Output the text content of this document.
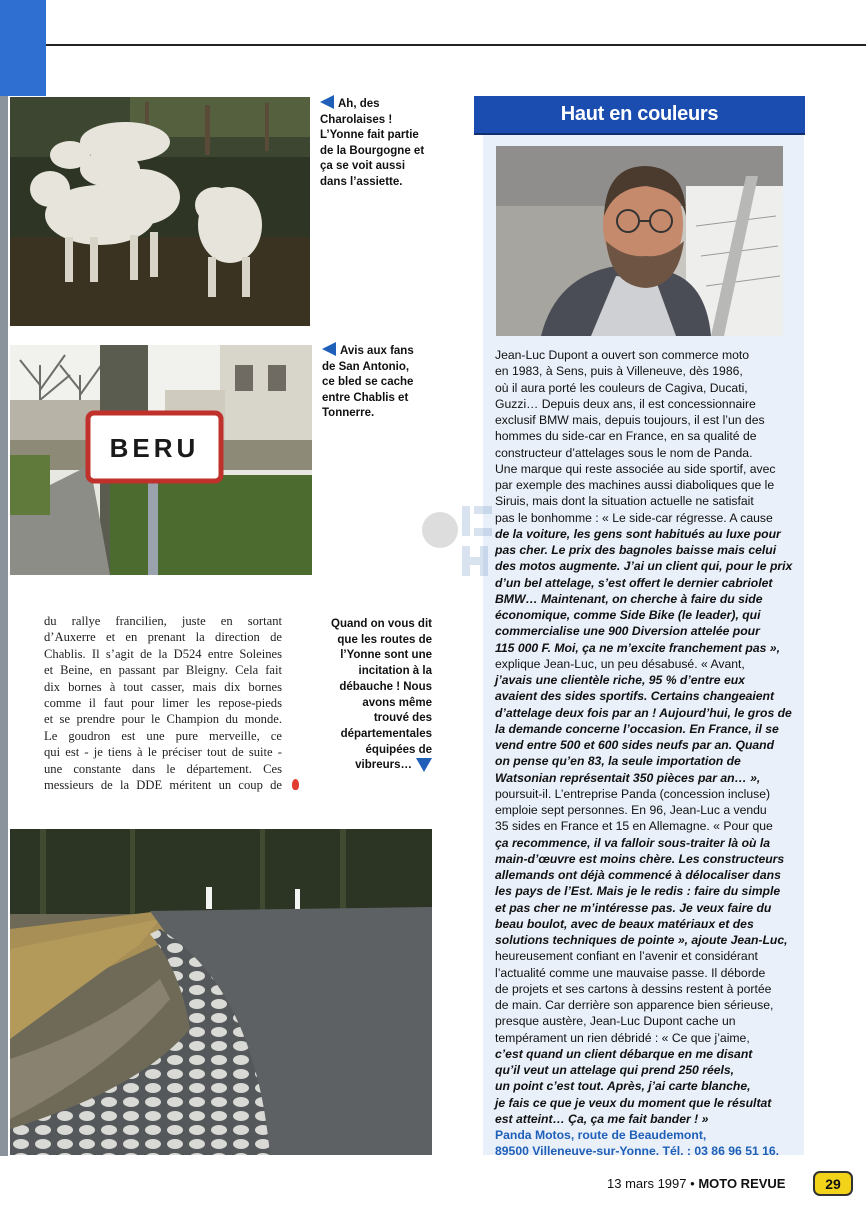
BERU
Ah, des Charolaises ! L’Yonne fait partie de la Bourgogne et ça se voit aussi dans l’assiette.
Avis aux fans de San Antonio, ce bled se cache entre Chablis et Tonnerre.
Quand on vous dit que les routes de l’Yonne sont une incitation à la débauche ! Nous avons même trouvé des départementales équipées de vibreurs…
du rallye francilien, juste en sortant
d’Auxerre et en prenant la direction de
Chablis. Il s’agit de la D524 entre Soleines
et Beine, en passant par Bleigny. Cela fait
dix bornes à tout casser, mais dix bornes
comme il faut pour limer les repose-pieds
et se prendre pour le Champion du monde.
Le goudron est une pure merveille, ce
qui est - je tiens à le préciser tout de suite -
une constante dans le département. Ces
messieurs de la DDE méritent un coup de
Haut en couleurs
Jean-Luc Dupont a ouvert son commerce moto
en 1983, à Sens, puis à Villeneuve, dès 1986,
où il aura porté les couleurs de Cagiva, Ducati,
Guzzi… Depuis deux ans, il est concessionnaire
exclusif BMW mais, depuis toujours, il est l’un des
hommes du side-car en France, en sa qualité de
constructeur d’attelages sous le nom de Panda.
Une marque qui reste associée au side sportif, avec
par exemple des machines aussi diaboliques que le
Siruis, mais dont la situation actuelle ne satisfait
pas le bonhomme : « Le side-car régresse. A cause
de la voiture, les gens sont habitués au luxe pour
pas cher. Le prix des bagnoles baisse mais celui
des motos augmente. J’ai un client qui, pour le prix
d’un bel attelage, s’est offert le dernier cabriolet
BMW… Maintenant, on cherche à faire du side
économique, comme Side Bike (le leader), qui
commercialise une 900 Diversion attelée pour
115 000 F. Moi, ça ne m’excite franchement pas »,
explique Jean-Luc, un peu désabusé. « Avant,
j’avais une clientèle riche, 95 % d’entre eux
avaient des sides sportifs. Certains changeaient
d’attelage deux fois par an ! Aujourd’hui, le gros de
la demande concerne l’occasion. En France, il se
vend entre 500 et 600 sides neufs par an. Quand
on pense qu’en 83, la seule importation de
Watsonian représentait 350 pièces par an… »,
poursuit-il. L’entreprise Panda (concession incluse)
emploie sept personnes. En 96, Jean-Luc a vendu
35 sides en France et 15 en Allemagne. « Pour que
ça recommence, il va falloir sous-traiter là où la
main-d’œuvre est moins chère. Les constructeurs
allemands ont déjà commencé à délocaliser dans
les pays de l’Est. Mais je le redis : faire du simple
et pas cher ne m’intéresse pas. Je veux faire du
beau boulot, avec de beaux matériaux et des
solutions techniques de pointe », ajoute Jean-Luc,
heureusement confiant en l’avenir et considérant
l’actualité comme une mauvaise passe. Il déborde
de projets et ses cartons à dessins restent à portée
de main. Car derrière son apparence bien sérieuse,
presque austère, Jean-Luc Dupont cache un
tempérament un rien débridé : « Ce que j’aime,
c’est quand un client débarque en me disant
qu’il veut un attelage qui prend 250 réels,
un point c’est tout. Après, j’ai carte blanche,
je fais ce que je veux du moment que le résultat
est atteint… Ça, ça me fait bander ! »
Panda Motos, route de Beaudemont,
89500 Villeneuve-sur-Yonne. Tél. : 03 86 96 51 16.
13 mars 1997 • MOTO REVUE	29
